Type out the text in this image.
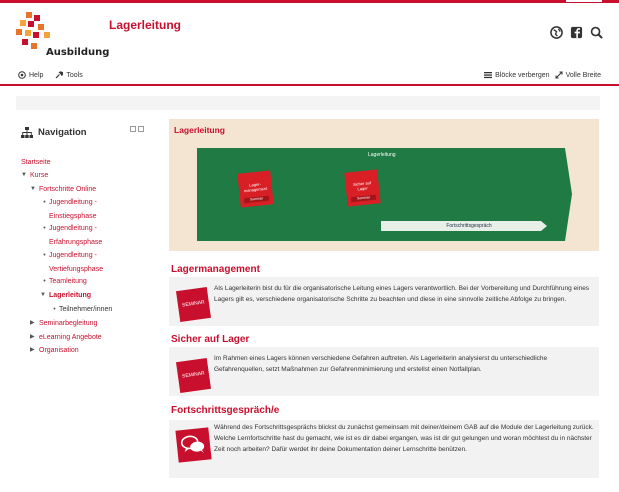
Ausbildung
Lagerleitung
Help	Tools	Blöcke verbergen Volle Breite
Navigation
Startseite
▼ Kurse
▼ Fortschritte Online
• Jugendleitung - Einstiegsphase
• Jugendleitung - Erfahrungsphase
• Jugendleitung - Vertiefungsphase
• Teamleitung
▼ Lagerleitung
• Teilnehmer/innen
▶ Seminarbegleitung
▶ eLearning Angebote
▶ Organisation
Lagerleitung
Lagerleitung
Lager-
management
Seminar
Sicher auf
Lager
Seminar
Fortschrittsgespräch
Lagermanagement
SEMINAR
Als Lagerleiterin bist du für die organisatorische Leitung eines Lagers verantwortlich. Bei der Vorbereitung und Durchführung eines Lagers gilt es, verschiedene organisatorische Schritte zu beachten und diese in eine sinnvolle zeitliche Abfolge zu bringen.
Sicher auf Lager
SEMINAR
Im Rahmen eines Lagers können verschiedene Gefahren auftreten. Als Lagerleiterin analysierst du unterschiedliche Gefahrenquellen, setzt Maßnahmen zur Gefahrenminimierung und erstellst einen Notfallplan.
Fortschrittsgespräch/e
Während des Fortschrittsgesprächs blickst du zunächst gemeinsam mit deiner/deinem GAB auf die Module der Lagerleitung zurück. Welche Lernfortschritte hast du gemacht, wie ist es dir dabei ergangen, was ist dir gut gelungen und woran möchtest du in nächster Zeit noch arbeiten? Dafür werdet ihr deine Dokumentation deiner Lernschritte benützen.
